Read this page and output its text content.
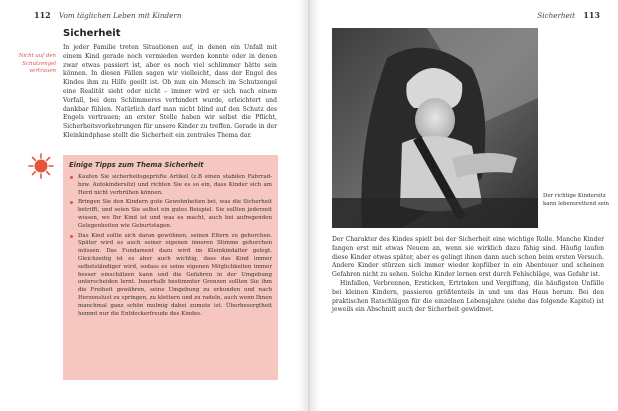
112 Vom täglichen Leben mit Kindern
Nicht auf den Schutzengel vertrauen
Sicherheit

In jeder Familie treten Situationen auf, in denen ein Unfall mit einem Kind gerade noch vermieden werden konnte oder in denen zwar etwas passiert ist, aber es noch viel schlimmer hätte sein können. In diesen Fällen sagen wir vielleicht, dass der Engel des Kindes ihm zu Hilfe geeilt ist. Ob nun ein Mensch im Schutzengel eine Realität sieht oder nicht – immer wird er sich nach einem Vorfall, bei dem Schlimmeres verhindert wurde, erleichtert und dankbar fühlen. Natürlich darf man nicht blind auf den Schutz des Engels vertrauen; an erster Stelle haben wir selbst die Pflicht, Sicherheitsvorkehrungen für unsere Kinder zu treffen. Gerade in der Kleinkindphase stellt die Sicherheit ein zentrales Thema dar.

Einige Tipps zum Thema Sicherheit
Kaufen Sie sicherheitsgeprüfte Artikel (z.B einen stabilen Fahrrad- bzw. Autokindersitz) und richten Sie es so ein, dass Kinder sich am Herd nicht verbrühen können.
Bringen Sie den Kindern gute Gewohnheiten bei, was die Sicherheit betrifft, und seien Sie selbst ein gutes Beispiel. Sie sollten jederzeit wissen, wo Ihr Kind ist und was es macht, auch bei aufregenden Gelegenheiten wie Geburtstagen.
Das Kind sollte sich daran gewöhnen, seinen Eltern zu gehorchen. Später wird es auch seiner eigenen inneren Stimme gehorchen müssen. Das Fundament dazu wird im Kleinkindalter gelegt. Gleichzeitig ist es aber auch wichtig, dass das Kind immer selbstständiger wird, sodass es seine eigenen Möglichkeiten immer besser einschätzen kann und die Gefahren in der Umgebung unterscheiden lernt. Innerhalb bestimmter Grenzen sollten Sie ihm die Freiheit gewähren, seine Umgebung zu erkunden und nach Herzenslust zu springen, zu klettern und zu radeln, auch wenn Ihnen manchmal ganz schön mulmig dabei zumute ist. Überbesorgtheit hemmt nur die Entdeckerfreude des Kindes.
Sicherheit 113
Der richtige Kindersitz kann lebensrettend sein

Der Charakter des Kindes spielt bei der Sicherheit eine wichtige Rolle. Manche Kinder fangen erst mit etwas Neuem an, wenn sie wirklich dazu fähig sind. Häufig laufen diese Kinder etwas später, aber es gelingt ihnen dann auch schon beim ersten Versuch. Andere Kinder stürzen sich immer wieder kopfüber in ein Abenteuer und scheinen Gefahren nicht zu sehen. Solche Kinder lernen erst durch Fehlschläge, was Gefahr ist.

Hinfallen, Verbrennen, Ersticken, Ertrinken und Vergiftung, die häufigsten Unfälle bei kleinen Kindern, passieren größtenteils in und um das Haus herum. Bei den praktischen Ratschlägen für die einzelnen Lebensjahre (siehe das folgende Kapitel) ist jeweils ein Abschnitt auch der Sicherheit gewidmet.
